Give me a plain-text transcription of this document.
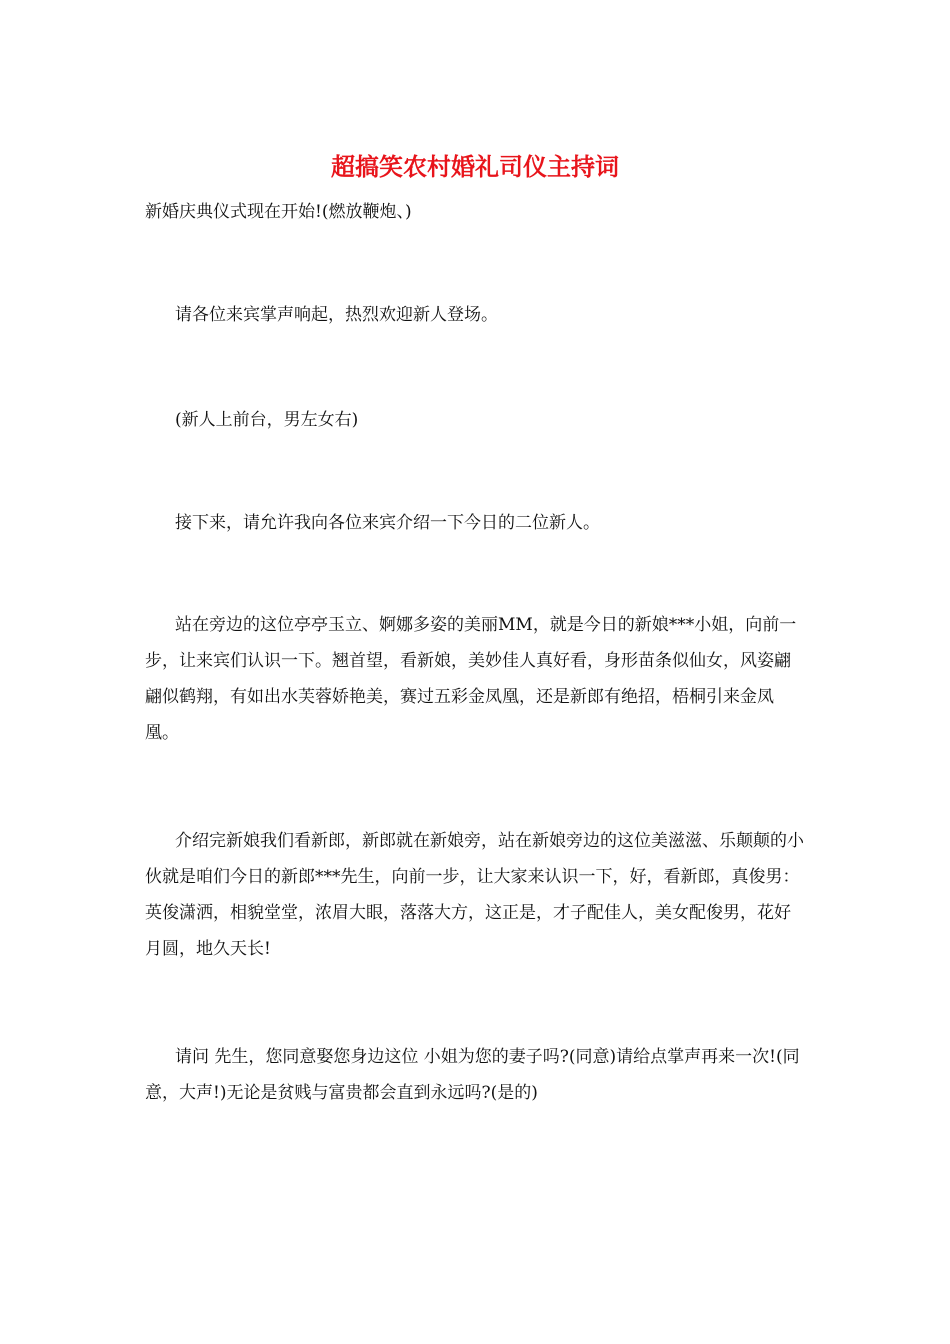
超搞笑农村婚礼司仪主持词

新婚庆典仪式现在开始!(燃放鞭炮、)

请各位来宾掌声响起，热烈欢迎新人登场。

(新人上前台，男左女右)

接下来，请允许我向各位来宾介绍一下今日的二位新人。

站在旁边的这位亭亭玉立、婀娜多姿的美丽MM，就是今日的新娘***小姐，向前一步，让来宾们认识一下。翘首望，看新娘，美妙佳人真好看，身形苗条似仙女，风姿翩翩似鹤翔，有如出水芙蓉娇艳美，赛过五彩金凤凰，还是新郎有绝招，梧桐引来金凤凰。

介绍完新娘我们看新郎，新郎就在新娘旁，站在新娘旁边的这位美滋滋、乐颠颠的小伙就是咱们今日的新郎***先生，向前一步，让大家来认识一下，好，看新郎，真俊男：英俊潇洒，相貌堂堂，浓眉大眼，落落大方，这正是，才子配佳人，美女配俊男，花好月圆，地久天长!

请问 先生，您同意娶您身边这位 小姐为您的妻子吗?(同意)请给点掌声再来一次!(同意，大声!)无论是贫贱与富贵都会直到永远吗?(是的)
